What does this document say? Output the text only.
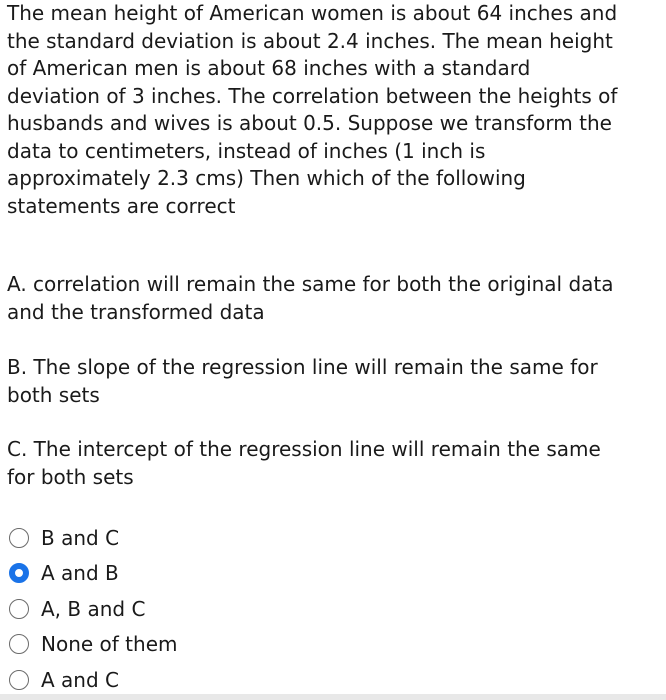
The mean height of American women is about 64 inches and
the standard deviation is about 2.4 inches. The mean height
of American men is about 68 inches with a standard
deviation of 3 inches. The correlation between the heights of
husbands and wives is about 0.5. Suppose we transform the
data to centimeters, instead of inches (1 inch is
approximately 2.3 cms) Then which of the following
statements are correct
A. correlation will remain the same for both the original data
and the transformed data
B. The slope of the regression line will remain the same for
both sets
C. The intercept of the regression line will remain the same
for both sets
B and C
A and B
A, B and C
None of them
A and C
